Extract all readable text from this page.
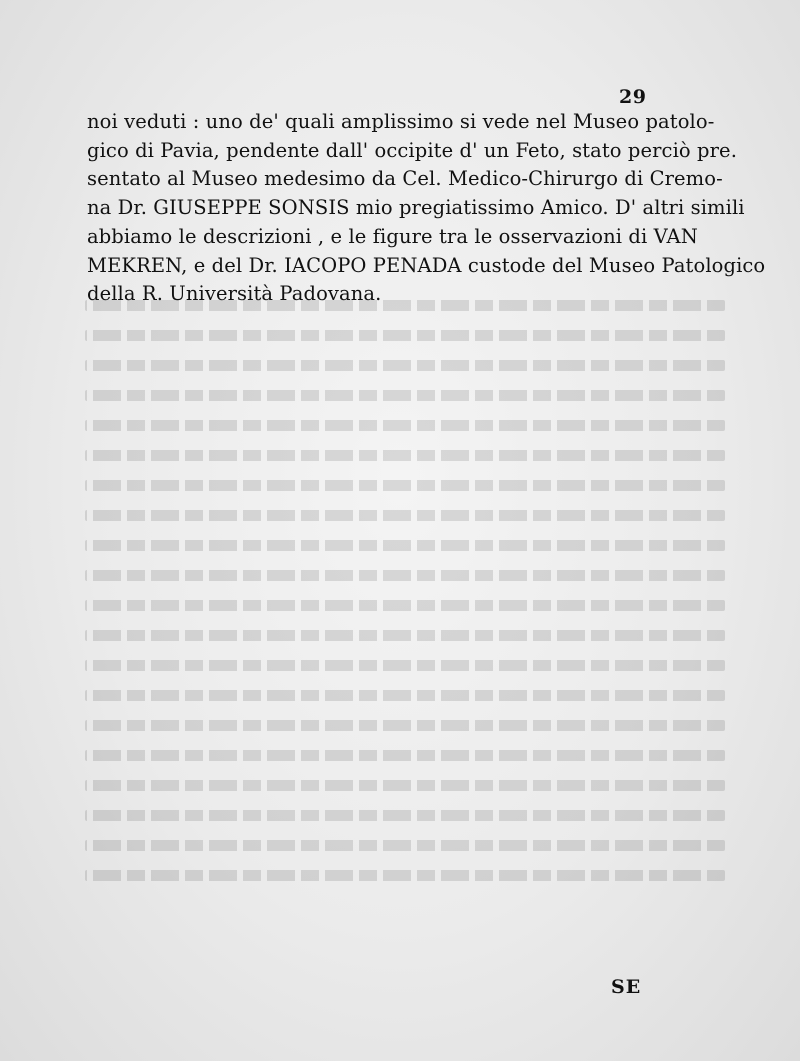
29
noi veduti : uno de' quali amplissimo si vede nel Museo patolo-
gico di Pavia, pendente dall' occipite d' un Feto, stato perciò pre.
sentato al Museo medesimo da Cel. Medico-Chirurgo di Cremo-
na Dr. GIUSEPPE SONSIS mio pregiatissimo Amico. D' altri simili
abbiamo le descrizioni , e le figure tra le osservazioni di VAN
MEKREN, e del Dr. IACOPO PENADA custode del Museo Patologico
della R. Università Padovana.
SE
